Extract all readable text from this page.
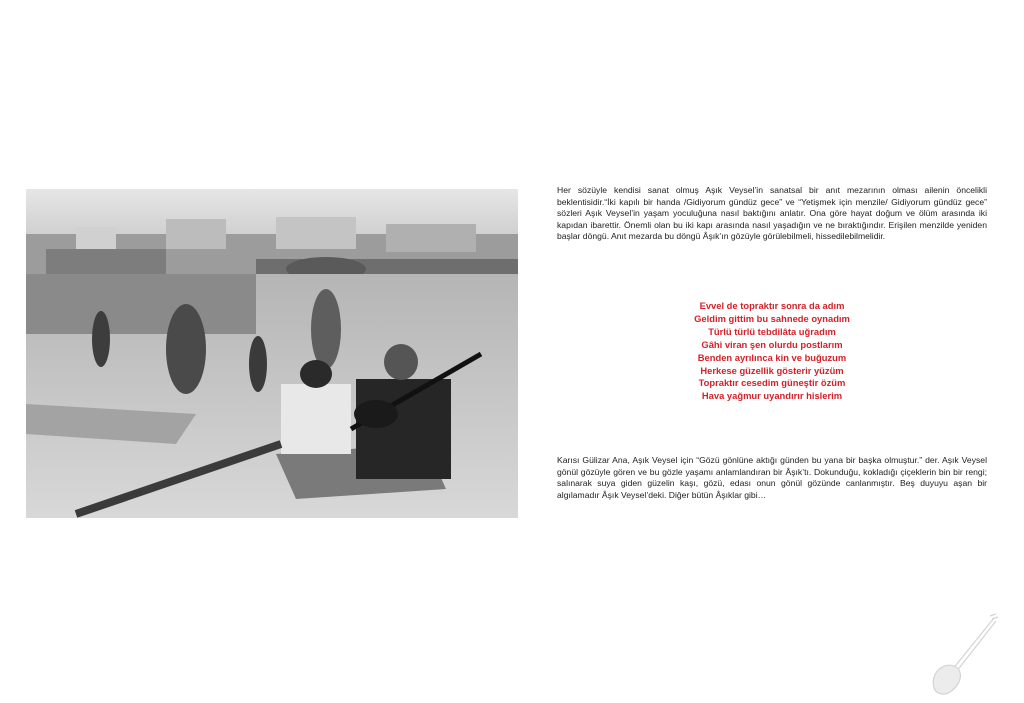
Her sözüyle kendisi sanat olmuş Aşık Veysel’in sanatsal bir anıt mezarının olması ailenin öncelikli beklentisidir.“İki kapılı bir handa /Gidiyorum gündüz gece” ve “Yetişmek için menzile/ Gidiyorum gündüz gece” sözleri Aşık Veysel’in yaşam yoculuğuna nasıl baktığını anlatır. Ona göre hayat doğum ve ölüm arasında iki kapıdan ibarettir. Önemli olan bu iki kapı arasında nasıl yaşadığın ve ne bıraktığındır. Erişilen menzilde yeniden başlar döngü. Anıt mezarda bu döngü Âşık’ın gözüyle görülebilmeli, hissedilebilmelidir.

Evvel de topraktır sonra da adım
Geldim gittim bu sahnede oynadım
Türlü türlü tebdilâta uğradım
Gâhi viran şen olurdu postlarım
Benden ayrılınca kin ve buğuzum
Herkese güzellik gösterir yüzüm
Topraktır cesedim güneştir özüm
Hava yağmur uyandırır hislerim

Karısı Gülizar Ana, Aşık Veysel için “Gözü gönlüne aktığı günden bu yana bir başka olmuştur.” der. Aşık Veysel gönül gözüyle gören ve bu gözle yaşamı anlamlandıran bir Âşık’tı. Dokunduğu, kokladığı çiçeklerin bin bir rengi; salınarak suya giden güzelin kaşı, gözü, edası onun gönül gözünde canlanmıştır. Beş duyuyu aşan bir algılamadır Âşık Veysel’deki. Diğer bütün Âşıklar gibi…
